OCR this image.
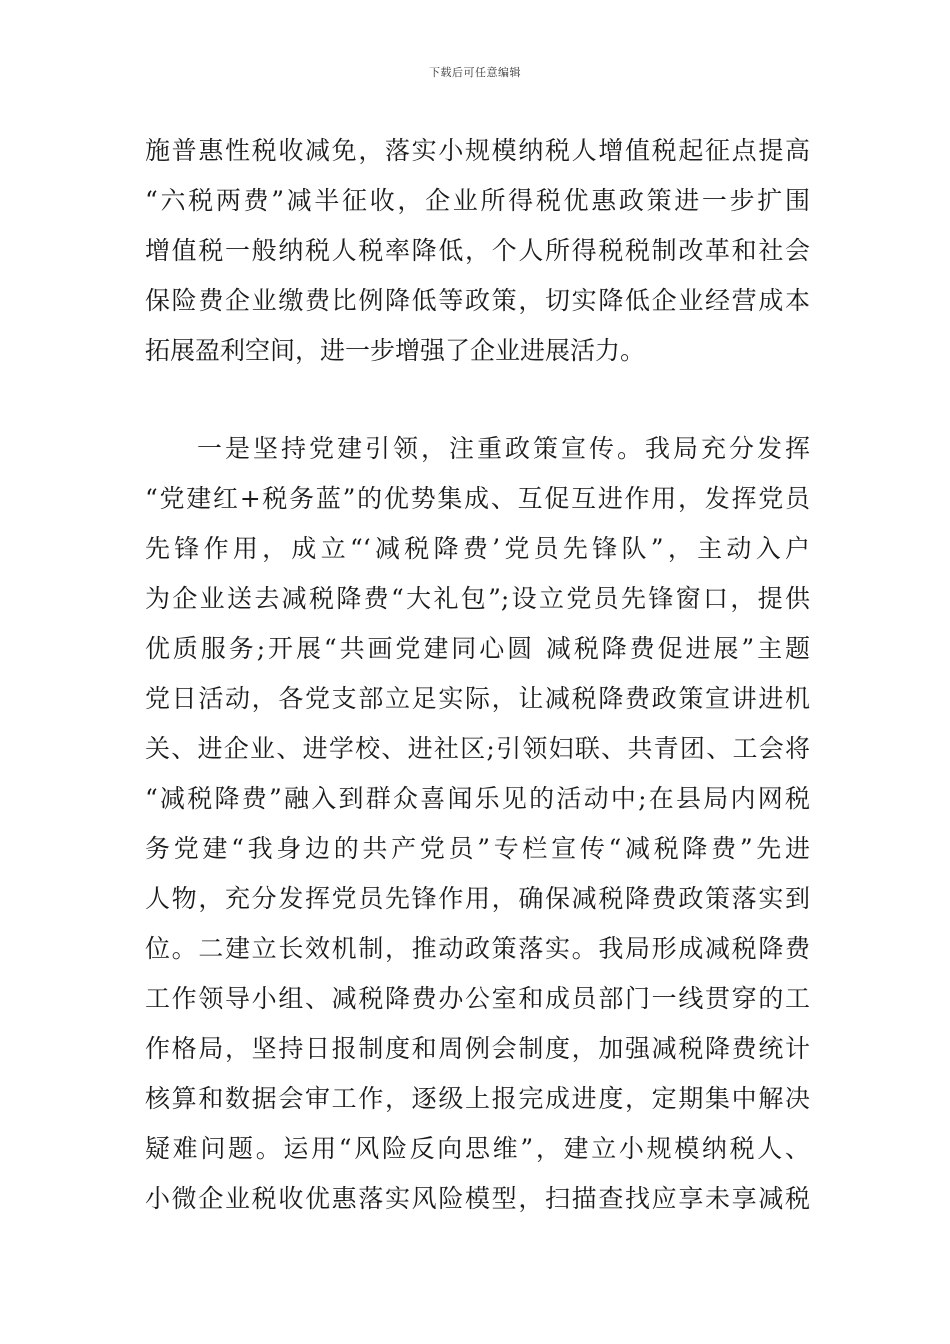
下载后可任意编辑
施普惠性税收减免，落实小规模纳税人增值税起征点提高
“六税两费”减半征收，企业所得税优惠政策进一步扩围
增值税一般纳税人税率降低，个人所得税税制改革和社会
保险费企业缴费比例降低等政策，切实降低企业经营成本
拓展盈利空间，进一步增强了企业进展活力。
一是坚持党建引领，注重政策宣传。我局充分发挥
“党建红+税务蓝”的优势集成、互促互进作用，发挥党员
先锋作用，成立“‘减税降费’党员先锋队”，主动入户
为企业送去减税降费“大礼包”;设立党员先锋窗口，提供
优质服务;开展“共画党建同心圆 减税降费促进展”主题
党日活动，各党支部立足实际，让减税降费政策宣讲进机
关、进企业、进学校、进社区;引领妇联、共青团、工会将
“减税降费”融入到群众喜闻乐见的活动中;在县局内网税
务党建“我身边的共产党员”专栏宣传“减税降费”先进
人物，充分发挥党员先锋作用，确保减税降费政策落实到
位。二建立长效机制，推动政策落实。我局形成减税降费
工作领导小组、减税降费办公室和成员部门一线贯穿的工
作格局，坚持日报制度和周例会制度，加强减税降费统计
核算和数据会审工作，逐级上报完成进度，定期集中解决
疑难问题。运用“风险反向思维”，建立小规模纳税人、
小微企业税收优惠落实风险模型，扫描查找应享未享减税
